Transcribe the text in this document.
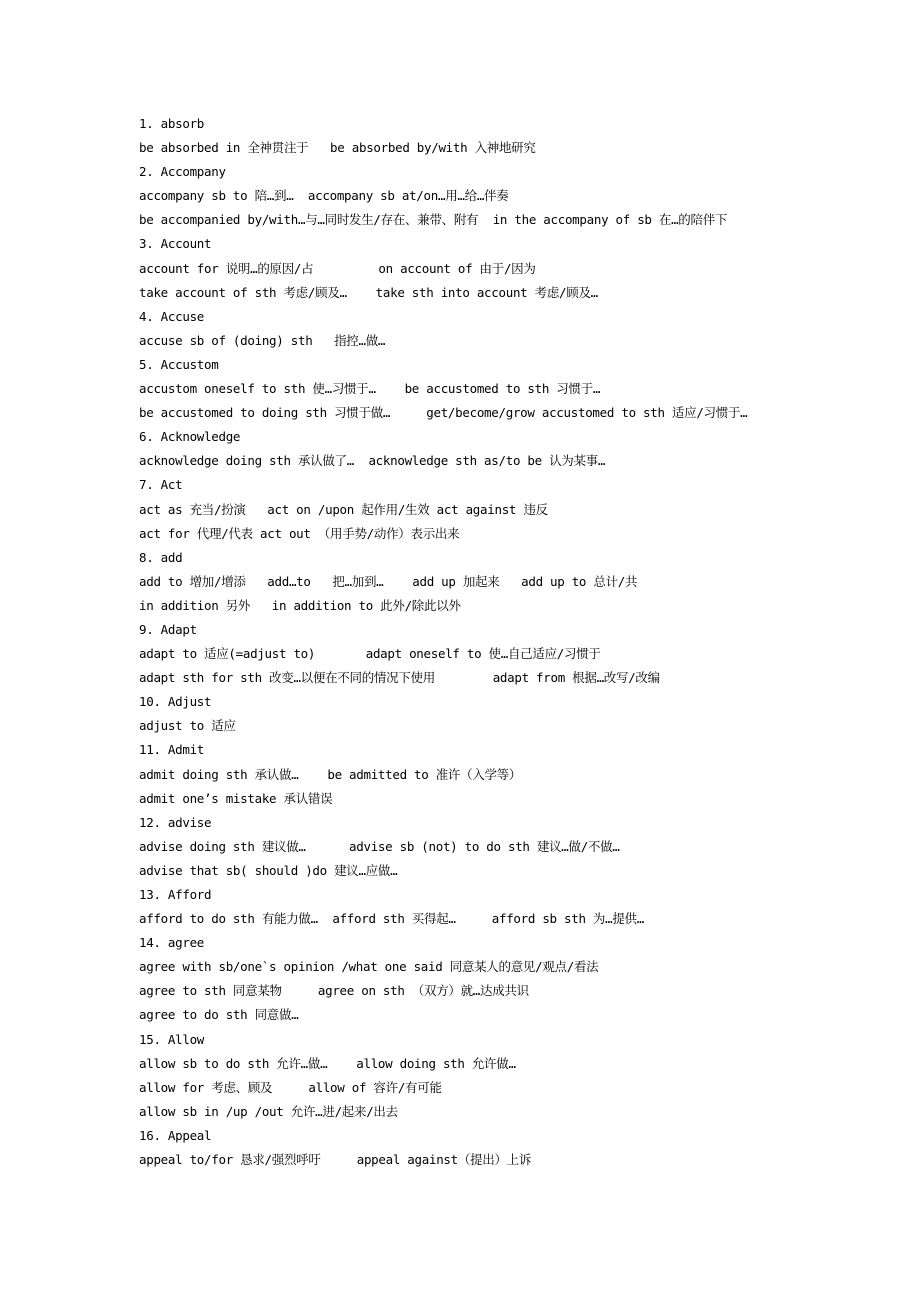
1. absorb
be absorbed in 全神贯注于   be absorbed by/with 入神地研究
2. Accompany
accompany sb to 陪…到…  accompany sb at/on…用…给…伴奏
be accompanied by/with…与…同时发生/存在、兼带、附有  in the accompany of sb 在…的陪伴下
3. Account
account for 说明…的原因/占         on account of 由于/因为
take account of sth 考虑/顾及…    take sth into account 考虑/顾及…
4. Accuse
accuse sb of (doing) sth   指控…做…
5. Accustom
accustom oneself to sth 使…习惯于…    be accustomed to sth 习惯于…
be accustomed to doing sth 习惯于做…     get/become/grow accustomed to sth 适应/习惯于…
6. Acknowledge
acknowledge doing sth 承认做了…  acknowledge sth as/to be 认为某事…
7. Act
act as 充当/扮演   act on /upon 起作用/生效 act against 违反
act for 代理/代表 act out （用手势/动作）表示出来
8. add
add to 增加/增添   add…to   把…加到…    add up 加起来   add up to 总计/共
in addition 另外   in addition to 此外/除此以外
9. Adapt
adapt to 适应(=adjust to)       adapt oneself to 使…自己适应/习惯于
adapt sth for sth 改变…以便在不同的情况下使用        adapt from 根据…改写/改编
10. Adjust
adjust to 适应
11. Admit
admit doing sth 承认做…    be admitted to 准许（入学等）
admit one’s mistake 承认错误
12. advise
advise doing sth 建议做…      advise sb (not) to do sth 建议…做/不做…
advise that sb( should )do 建议…应做…
13. Afford
afford to do sth 有能力做…  afford sth 买得起…     afford sb sth 为…提供…
14. agree
agree with sb/one`s opinion /what one said 同意某人的意见/观点/看法
agree to sth 同意某物     agree on sth （双方）就…达成共识
agree to do sth 同意做…
15. Allow
allow sb to do sth 允许…做…    allow doing sth 允许做…
allow for 考虑、顾及     allow of 容许/有可能
allow sb in /up /out 允许…进/起来/出去
16. Appeal
appeal to/for 恳求/强烈呼吁     appeal against（提出）上诉
